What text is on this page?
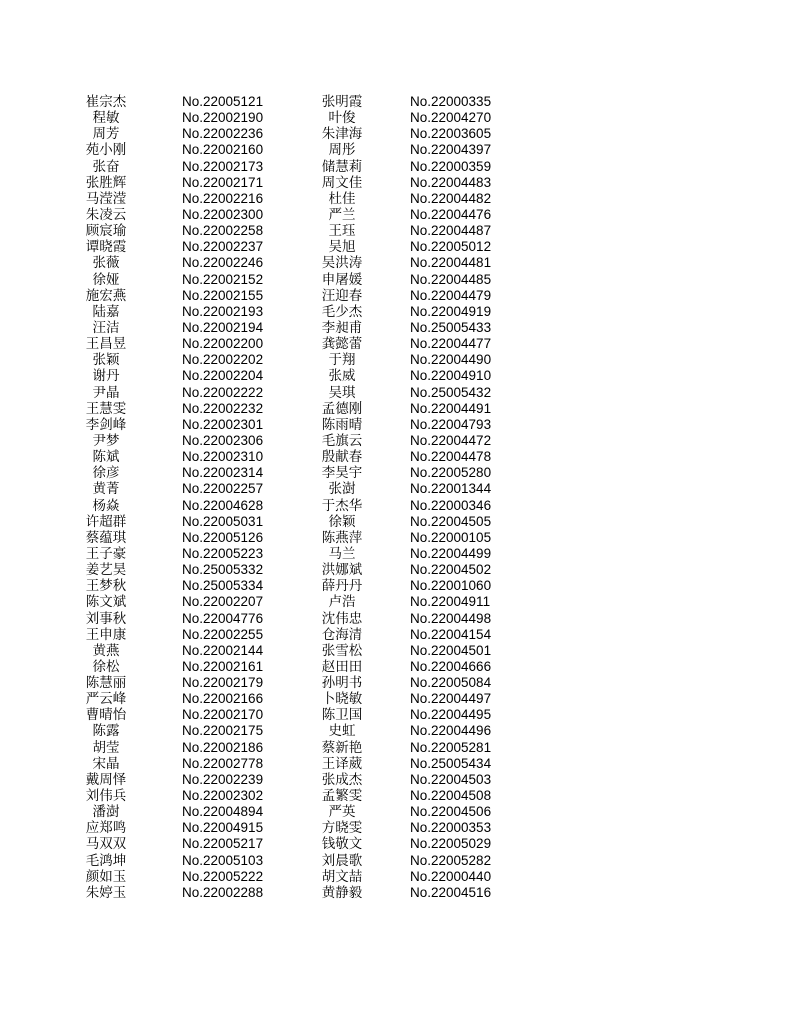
崔宗杰	No.22005121	张明霞	No.22000335
程敏	No.22002190	叶俊	No.22004270
周芳	No.22002236	朱津海	No.22003605
苑小刚	No.22002160	周彤	No.22004397
张奋	No.22002173	储慧莉	No.22000359
张胜辉	No.22002171	周文佳	No.22004483
马滢滢	No.22002216	杜佳	No.22004482
朱凌云	No.22002300	严兰	No.22004476
顾宸瑜	No.22002258	王珏	No.22004487
谭晓霞	No.22002237	吴旭	No.22005012
张薇	No.22002246	吴洪涛	No.22004481
徐娅	No.22002152	申屠媛	No.22004485
施宏燕	No.22002155	汪迎春	No.22004479
陆嘉	No.22002193	毛少杰	No.22004919
汪洁	No.22002194	李昶甫	No.25005433
王昌昱	No.22002200	龚懿蕾	No.22004477
张颖	No.22002202	于翔	No.22004490
谢丹	No.22002204	张威	No.22004910
尹晶	No.22002222	吴琪	No.25005432
王慧雯	No.22002232	孟德刚	No.22004491
李剑峰	No.22002301	陈雨晴	No.22004793
尹梦	No.22002306	毛旗云	No.22004472
陈斌	No.22002310	殷献春	No.22004478
徐彦	No.22002314	李昊宇	No.22005280
黄菁	No.22002257	张澍	No.22001344
杨焱	No.22004628	于杰华	No.22000346
许超群	No.22005031	徐颖	No.22004505
蔡蕴琪	No.22005126	陈燕萍	No.22000105
王子豪	No.22005223	马兰	No.22004499
姜艺昊	No.25005332	洪娜斌	No.22004502
王梦秋	No.25005334	薛丹丹	No.22001060
陈文斌	No.22002207	卢浩	No.22004911
刘事秋	No.22004776	沈伟忠	No.22004498
王申康	No.22002255	仓海清	No.22004154
黄燕	No.22002144	张雪松	No.22004501
徐松	No.22002161	赵田田	No.22004666
陈慧丽	No.22002179	孙明书	No.22005084
严云峰	No.22002166	卜晓敏	No.22004497
曹晴怡	No.22002170	陈卫国	No.22004495
陈露	No.22002175	史虹	No.22004496
胡莹	No.22002186	蔡新艳	No.22005281
宋晶	No.22002778	王译葳	No.25005434
戴周怿	No.22002239	张成杰	No.22004503
刘伟兵	No.22002302	孟繁雯	No.22004508
潘澍	No.22004894	严英	No.22004506
应郑鸣	No.22004915	方晓雯	No.22000353
马双双	No.22005217	钱敬文	No.22005029
毛鸿坤	No.22005103	刘晨歌	No.22005282
颜如玉	No.22005222	胡文喆	No.22000440
朱婷玉	No.22002288	黄静毅	No.22004516
